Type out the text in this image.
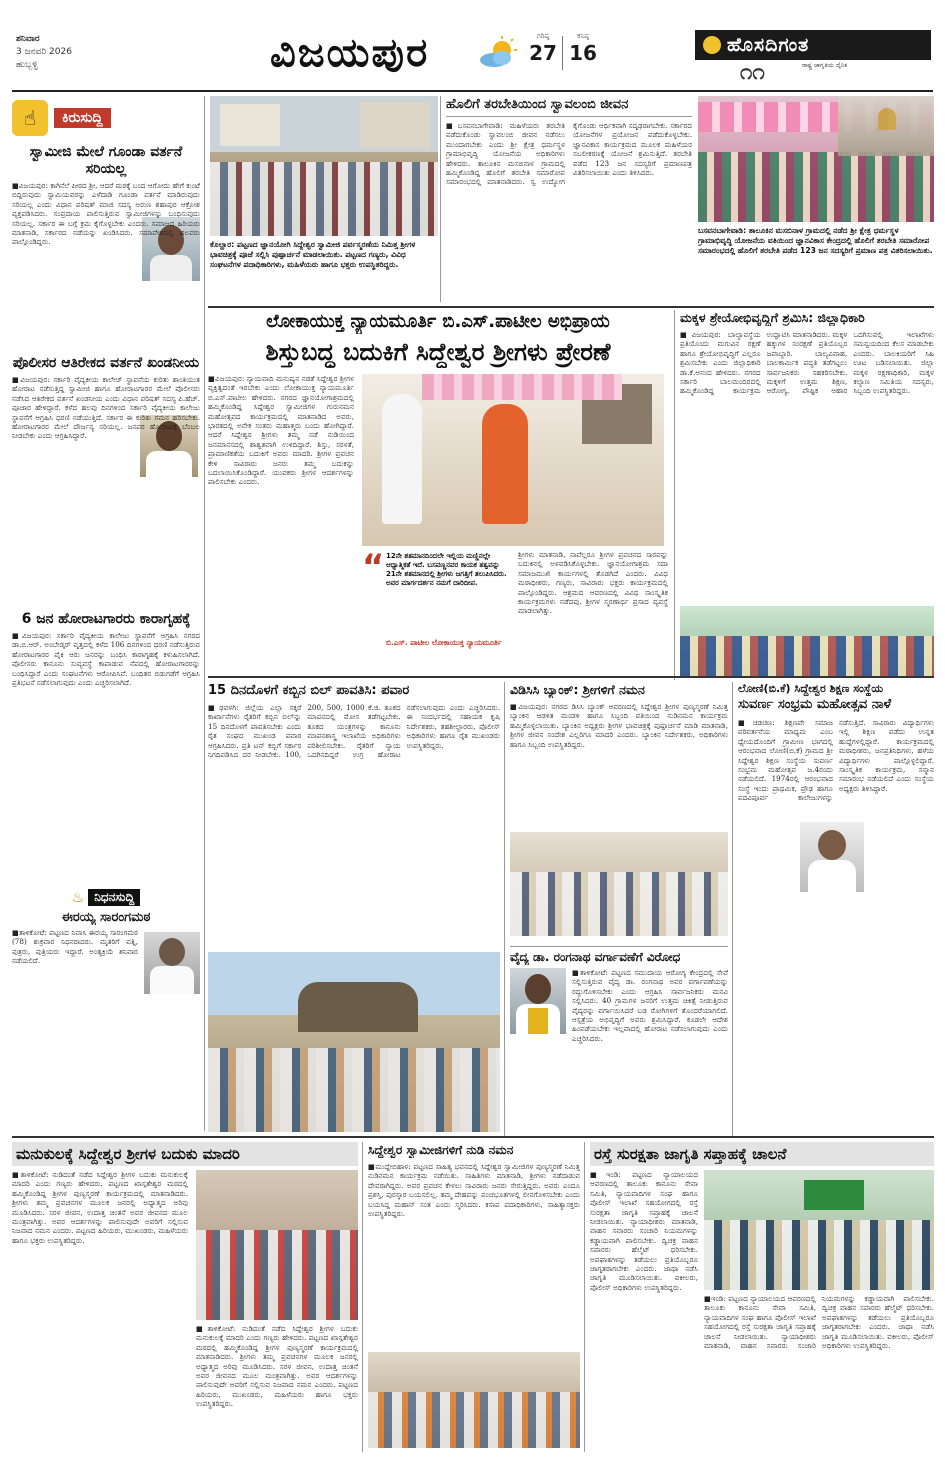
ಶನಿವಾರ
3 ಜನವರಿ 2026
ಹುಬ್ಬಳ್ಳಿ	ವಿಜಯಪುರ	ಗರಿಷ್ಠ
27
ಕನಿಷ್ಠ
16	ಹೊಸದಿಗಂತ
ರಾಷ್ಟ್ರ ಜಾಗೃತಿಯ ದೈನಿಕ
೧೧
☝	ಕಿರುಸುದ್ದಿ
ಸ್ವಾಮೀಜಿ ಮೇಲೆ ಗೂಂಡಾ ವರ್ತನೆ ಸರಿಯಲ್ಲ
■ವಿಜಯಪುರ: ಕಾಗಿನೆಲೆ ಪೀಠದ ಶ್ರೀ, ಆದರೆ ಮಠಕ್ಕೆ ಬಂದ ಆಗೋದು ಹೇಗೆ ಕುಂಟೆ ಬಿದ್ದಿರುವುದು ಸ್ವಾಮಿಯವರನ್ನು ಎಳೆದಾಡಿ ಗೂಂಡಾ ವರ್ತನೆ ಮಾಡಿರುವುದು ಸರಿಯಲ್ಲ ಎಂದು ವಿಧಾನ ಪರಿಷತ್ ಮಾಜಿ ಸದಸ್ಯ ಅರುಣ ಶಹಾಪುರ ಆಕ್ರೋಶ ವ್ಯಕ್ತಪಡಿಸಿದರು. ಸಂಪ್ರದಾಯ ಪಾಲಿಸುತ್ತಿರುವ ಸ್ವಾಮೀಜಿಗಳನ್ನು ಬಂಧಿಸುವುದು ಸರಿಯಲ್ಲ. ಸರ್ಕಾರ ಈ ಬಗ್ಗೆ ಕ್ರಮ ಕೈಗೊಳ್ಳಬೇಕು ಎಂದರು. ಸಮಾಜದ ಹಿರಿಯರು ಮಾತನಾಡಿ, ಸರ್ಕಾರದ ನಡೆಯನ್ನು ಖಂಡಿಸಿದರು. ಸಮಾವೇಶದಲ್ಲಿ ಹಲವರು ಪಾಲ್ಗೊಂಡಿದ್ದರು.
ಪೊಲೀಸರ ಆತಿರೇಕದ ವರ್ತನೆ ಖಂಡನೀಯ
■ವಿಜಯಪುರ: ಸರ್ಕಾರಿ ವೈದ್ಯಕೀಯ ಕಾಲೇಜ್ ಸ್ಥಾಪನೆಯ ಕುರಿತು ಶಾಂತಿಯುತ ಹೋರಾಟ ನಡೆಸುತ್ತಿದ್ದ ಸ್ವಾಮೀಜಿ ಹಾಗೂ ಹೋರಾಟಗಾರರ ಮೇಲೆ ಪೊಲೀಸರು ನಡೆಸಿದ ಆತಿರೇಕದ ವರ್ತನೆ ಖಂಡನೀಯ ಎಂದು ವಿಧಾನ ಪರಿಷತ್ ಸದಸ್ಯ ಪಿ.ಹೆಚ್. ಪೂಜಾರ ಹೇಳಿದ್ದಾರೆ. ಕಳೆದ ಹಲವು ದಿನಗಳಿಂದ ಸರ್ಕಾರಿ ವೈದ್ಯಕೀಯ ಕಾಲೇಜು ಸ್ಥಾಪನೆಗೆ ಆಗ್ರಹಿಸಿ ಧರಣಿ ನಡೆಯುತ್ತಿದೆ. ಸರ್ಕಾರ ಈ ಕುರಿತು ಗಮನ ಹರಿಸಬೇಕು. ಹೋರಾಟಗಾರರ ಮೇಲೆ ದೌರ್ಜನ್ಯ ಸರಿಯಲ್ಲ. ಜನಪರ ಹೋರಾಟಕ್ಕೆ ಬೆಂಬಲ ನೀಡಬೇಕು ಎಂದು ಆಗ್ರಹಿಸಿದ್ದಾರೆ.
6 ಜನ ಹೋರಾಟಗಾರರು ಕಾರಾಗೃಹಕ್ಕೆ
■ವಿಜಯಪುರ: ಸರ್ಕಾರಿ ವೈದ್ಯಕೀಯ ಕಾಲೇಜು ಸ್ಥಾಪನೆಗೆ ಆಗ್ರಹಿಸಿ ನಗರದ ಡಾ.ಬಿ.ಆರ್. ಅಂಬೇಡ್ಕರ್ ವೃತ್ತದಲ್ಲಿ ಕಳೆದ 106 ದಿನಗಳಿಂದ ಧರಣಿ ನಡೆಸುತ್ತಿರುವ ಹೋರಾಟಗಾರರ ಪೈಕಿ ಆರು ಜನರನ್ನು ಬಂಧಿಸಿ ಕಾರಾಗೃಹಕ್ಕೆ ಕಳುಹಿಸಲಾಗಿದೆ. ಪೊಲೀಸರು ಕಾನೂನು ಸುವ್ಯವಸ್ಥೆ ಕಾಪಾಡುವ ನೆಪದಲ್ಲಿ ಹೋರಾಟಗಾರರನ್ನು ಬಂಧಿಸಿದ್ದಾರೆ ಎಂದು ಸಂಘಟನೆಗಳು ಆರೋಪಿಸಿವೆ. ಬಂಧಿತರ ಬಿಡುಗಡೆಗೆ ಆಗ್ರಹಿಸಿ ಪ್ರತಿಭಟನೆ ನಡೆಸಲಾಗುವುದು ಎಂದು ಎಚ್ಚರಿಸಲಾಗಿದೆ.
♨ ನಿಧನಸುದ್ದಿ
ಈರಯ್ಯ ಸಾರಂಗಮಠ
■ತಾಳಿಕೋಟೆ: ಪಟ್ಟಣದ ನಿವಾಸಿ ಈರಯ್ಯ ಸಾರಂಗಮಠ (78) ಶುಕ್ರವಾರ ನಿಧನರಾದರು. ಮೃತರಿಗೆ ಪತ್ನಿ, ಪುತ್ರರು, ಪುತ್ರಿಯರು ಇದ್ದಾರೆ. ಅಂತ್ಯಕ್ರಿಯೆ ಶನಿವಾರ ನಡೆಯಲಿದೆ.
ಕೊಲ್ಹಾರ: ಪಟ್ಟಣದ ಜ್ಞಾನಯೋಗಿ ಸಿದ್ದೇಶ್ವರ ಸ್ವಾಮೀಜಿ ಪರ್ವಸ್ಮರಣೆಯ ನಿಮಿತ್ತ ಶ್ರೀಗಳ ಭಾವಚಿತ್ರಕ್ಕೆ ಪೂಜೆ ಸಲ್ಲಿಸಿ ಪುಷ್ಪಾರ್ಚನೆ ಮಾಡಲಾಯಿತು. ಪಟ್ಟಣದ ಗಣ್ಯರು, ವಿವಿಧ ಸಂಘಟನೆಗಳ ಪದಾಧಿಕಾರಿಗಳು, ಮಹಿಳೆಯರು ಹಾಗೂ ಭಕ್ತರು ಉಪಸ್ಥಿತರಿದ್ದರು.
ಹೊಲಿಗೆ ತರಬೇತಿಯಿಂದ ಸ್ವಾವಲಂಬಿ ಜೀವನ
■ಬಸವನಬಾಗೇವಾಡಿ: ಮಹಿಳೆಯರು ತರಬೇತಿ ಪಡೆದುಕೊಂಡು ಸ್ವಾವಲಂಬಿ ಜೀವನ ನಡೆಸಲು ಮುಂದಾಗಬೇಕು ಎಂದು ಶ್ರೀ ಕ್ಷೇತ್ರ ಧರ್ಮಸ್ಥಳ ಗ್ರಾಮಾಭಿವೃದ್ಧಿ ಯೋಜನೆಯ ಅಧಿಕಾರಿಗಳು ಹೇಳಿದರು. ತಾಲೂಕಿನ ಮಸಬಿನಾಳ ಗ್ರಾಮದಲ್ಲಿ ಹಮ್ಮಿಕೊಂಡಿದ್ದ ಹೊಲಿಗೆ ತರಬೇತಿ ಸಮಾರೋಪ ಸಮಾರಂಭದಲ್ಲಿ ಮಾತನಾಡಿದರು. ಸ್ವ ಉದ್ಯೋಗ ಕೈಗೊಂಡು ಆರ್ಥಿಕವಾಗಿ ಸದೃಢರಾಗಬೇಕು. ಸರ್ಕಾರದ ಯೋಜನೆಗಳ ಪ್ರಯೋಜನ ಪಡೆದುಕೊಳ್ಳಬೇಕು. ಜ್ಞಾನವಿಕಾಸ ಕಾರ್ಯಕ್ರಮದ ಮೂಲಕ ಮಹಿಳೆಯರ ಸಬಲೀಕರಣಕ್ಕೆ ಯೋಜನೆ ಶ್ರಮಿಸುತ್ತಿದೆ. ತರಬೇತಿ ಪಡೆದ 123 ಜನ ಸದಸ್ಯರಿಗೆ ಪ್ರಮಾಣಪತ್ರ ವಿತರಿಸಲಾಯಿತು ಎಂದು ತಿಳಿಸಿದರು.
ಬಸವನಬಾಗೇವಾಡಿ: ತಾಲೂಕಿನ ಮಸಬಿನಾಳ ಗ್ರಾಮದಲ್ಲಿ ನಡೆದ ಶ್ರೀ ಕ್ಷೇತ್ರ ಧರ್ಮಸ್ಥಳ ಗ್ರಾಮಾಭಿವೃದ್ಧಿ ಯೋಜನೆಯ ವತಿಯಿಂದ ಜ್ಞಾನವಿಕಾಸ ಕೇಂದ್ರದಲ್ಲಿ ಹೊಲಿಗೆ ತರಬೇತಿ ಸಮಾರೋಪ ಸಮಾರಂಭದಲ್ಲಿ ಹೊಲಿಗೆ ತರಬೇತಿ ಪಡೆದ 123 ಜನ ಸದಸ್ಯರಿಗೆ ಪ್ರಮಾಣ ಪತ್ರ ವಿತರಿಸಲಾಯಿತು.
ಲೋಕಾಯುಕ್ತ ನ್ಯಾಯಮೂರ್ತಿ ಬಿ.ಎಸ್.ಪಾಟೀಲ ಅಭಿಪ್ರಾಯ
ಶಿಸ್ತುಬದ್ಧ ಬದುಕಿಗೆ ಸಿದ್ದೇಶ್ವರ ಶ್ರೀಗಳು ಪ್ರೇರಣೆ
■ವಿಜಯಪುರ: ನ್ಯಾಯವಾದಿ ಮನುಷ್ಯನ ನಡತೆ ಸಿದ್ದೇಶ್ವರ ಶ್ರೀಗಳ ವ್ಯಕ್ತಿತ್ವದಂತೆ ಇರಬೇಕು ಎಂದು ಲೋಕಾಯುಕ್ತ ನ್ಯಾಯಮೂರ್ತಿ ಬಿ.ಎಸ್.ಪಾಟೀಲ ಹೇಳಿದರು. ನಗರದ ಜ್ಞಾನಯೋಗಾಶ್ರಮದಲ್ಲಿ ಹಮ್ಮಿಕೊಂಡಿದ್ದ ಸಿದ್ದೇಶ್ವರ ಸ್ವಾಮೀಜಿಗಳ ಗುರುನಮನ ಮಹೋತ್ಸವದ ಕಾರ್ಯಕ್ರಮದಲ್ಲಿ ಮಾತನಾಡಿದ ಅವರು, ಭಾರತದಲ್ಲಿ ಅನೇಕ ಸಂತರು ಮಹಾತ್ಮರು ಬಂದು ಹೋಗಿದ್ದಾರೆ. ಆದರೆ ಸಿದ್ದೇಶ್ವರ ಶ್ರೀಗಳು ತಮ್ಮ ನಡೆ ನುಡಿಯಿಂದ ಜನಮಾನಸದಲ್ಲಿ ಶಾಶ್ವತವಾಗಿ ಉಳಿದಿದ್ದಾರೆ. ಶಿಸ್ತು, ಸರಳತೆ, ಪ್ರಾಮಾಣಿಕತೆಯ ಬದುಕಿಗೆ ಅವರು ಮಾದರಿ. ಶ್ರೀಗಳ ಪ್ರವಚನ ಕೇಳಿ ಸಾವಿರಾರು ಜನರು ತಮ್ಮ ಬದುಕನ್ನು ಬದಲಾಯಿಸಿಕೊಂಡಿದ್ದಾರೆ. ಯುವಕರು ಶ್ರೀಗಳ ಆದರ್ಶಗಳನ್ನು ಪಾಲಿಸಬೇಕು ಎಂದರು.
“ 12ನೇ ಶತಮಾನದಿಂದಲೇ ಇಲ್ಲಿಯ ಮಣ್ಣಿನಲ್ಲೇ ಆಧ್ಯಾತ್ಮಿಕತೆ ಇದೆ. ಬಸವಣ್ಣನವರ ಕಾಯಕ ತತ್ವವನ್ನು 21ನೇ ಶತಮಾನದಲ್ಲಿ ಶ್ರೀಗಳು ಜಗತ್ತಿಗೆ ತಲುಪಿಸಿದರು. ಅವರ ಮಾರ್ಗದರ್ಶನ ನಮಗೆ ದಾರಿದೀಪ.
ಬಿ.ಎಸ್. ಪಾಟೀಲ ಲೋಕಾಯುಕ್ತ ನ್ಯಾಯಮೂರ್ತಿ
ಶ್ರೀಗಳು ಮಾತನಾಡಿ, ನಾವೆಲ್ಲರೂ ಶ್ರೀಗಳ ಪ್ರವಚನದ ಸಾರವನ್ನು ಬದುಕಿನಲ್ಲಿ ಅಳವಡಿಸಿಕೊಳ್ಳಬೇಕು. ಜ್ಞಾನಯೋಗಾಶ್ರಮ ಸದಾ ಸಮಾಜಮುಖಿ ಕಾರ್ಯಗಳಲ್ಲಿ ತೊಡಗಿದೆ ಎಂದರು. ವಿವಿಧ ಮಠಾಧೀಶರು, ಗಣ್ಯರು, ಸಾವಿರಾರು ಭಕ್ತರು ಕಾರ್ಯಕ್ರಮದಲ್ಲಿ ಪಾಲ್ಗೊಂಡಿದ್ದರು. ಆಶ್ರಮದ ಆವರಣದಲ್ಲಿ ವಿವಿಧ ಸಾಂಸ್ಕೃತಿಕ ಕಾರ್ಯಕ್ರಮಗಳು ನಡೆದವು. ಶ್ರೀಗಳ ಸ್ಮರಣಾರ್ಥ ಪ್ರಸಾದ ವ್ಯವಸ್ಥೆ ಮಾಡಲಾಗಿತ್ತು.
ಮಕ್ಕಳ ಶ್ರೇಯೋಭಿವೃದ್ಧಿಗೆ ಶ್ರಮಿಸಿ: ಜಿಲ್ಲಾಧಿಕಾರಿ
■ವಿಜಯಪುರ: ಬಾಲ್ಯಾವಸ್ಥೆಯ ಪ್ರತಿಯೊಂದು ಮಗುವಿನ ರಕ್ಷಣೆ ಹಾಗೂ ಶ್ರೇಯೋಭಿವೃದ್ಧಿಗೆ ಎಲ್ಲರೂ ಶ್ರಮಿಸಬೇಕು ಎಂದು ಜಿಲ್ಲಾಧಿಕಾರಿ ಡಾ.ಕೆ.ಆನಂದ ಹೇಳಿದರು. ನಗರದ ಸರ್ಕಾರಿ ಬಾಲಮಂದಿರದಲ್ಲಿ ಹಮ್ಮಿಕೊಂಡಿದ್ದ ಕಾರ್ಯಕ್ರಮ ಉದ್ಘಾಟಿಸಿ ಮಾತನಾಡಿದರು. ಮಕ್ಕಳ ಹಕ್ಕುಗಳ ಸಂರಕ್ಷಣೆ ಪ್ರತಿಯೊಬ್ಬರ ಜವಾಬ್ದಾರಿ. ಬಾಲ್ಯವಿವಾಹ, ಬಾಲಕಾರ್ಮಿಕ ಪದ್ಧತಿ ತಡೆಗಟ್ಟಲು ಸಾರ್ವಜನಿಕರು ಸಹಕರಿಸಬೇಕು. ಮಕ್ಕಳಿಗೆ ಉತ್ತಮ ಶಿಕ್ಷಣ, ಆರೋಗ್ಯ, ಪೌಷ್ಟಿಕ ಆಹಾರ ಒದಗಿಸುವಲ್ಲಿ ಇಲಾಖೆಗಳು ಸಮನ್ವಯದಿಂದ ಕೆಲಸ ಮಾಡಬೇಕು ಎಂದರು. ಬಾಲಕಿಯರಿಗೆ ಸಿಹಿ ಊಟ ಬಡಿಸಲಾಯಿತು. ಜಿಲ್ಲಾ ಮಕ್ಕಳ ರಕ್ಷಣಾಧಿಕಾರಿ, ಮಕ್ಕಳ ಕಲ್ಯಾಣ ಸಮಿತಿಯ ಸದಸ್ಯರು, ಸಿಬ್ಬಂದಿ ಉಪಸ್ಥಿತರಿದ್ದರು.
15 ದಿನದೊಳಗೆ ಕಬ್ಬಿನ ಬಿಲ್ ಪಾವತಿಸಿ: ಪವಾರ
■ಢವಳಗಿ: ಜಿಲ್ಲೆಯ ಎಲ್ಲಾ ಸಕ್ಕರೆ ಕಾರ್ಖಾನೆಗಳು ರೈತರಿಗೆ ಕಬ್ಬಿನ ಬಿಲ್‌ನ್ನು 15 ದಿನದೊಳಗೆ ಪಾವತಿಸಬೇಕು ಎಂದು ರೈತ ಸಂಘದ ಮುಖಂಡ ಪವಾರ ಆಗ್ರಹಿಸಿದರು. ಪ್ರತಿ ಟನ್ ಕಬ್ಬಿಗೆ ಸರ್ಕಾರ ನಿಗದಿಪಡಿಸಿದ ದರ ನೀಡಬೇಕು. 100, 200, 500, 1000 ಕೆ.ಜಿ. ತೂಕದ ಮಾಪನದಲ್ಲಿ ಮೋಸ ತಡೆಗಟ್ಟಬೇಕು. ತೂಕದ ಯಂತ್ರಗಳನ್ನು ಕಾನೂನು ಮಾಪನಶಾಸ್ತ್ರ ಇಲಾಖೆಯ ಅಧಿಕಾರಿಗಳು ಪರಿಶೀಲಿಸಬೇಕು. ರೈತರಿಗೆ ನ್ಯಾಯ ಒದಗಿಸದಿದ್ದರೆ ಉಗ್ರ ಹೋರಾಟ ನಡೆಸಲಾಗುವುದು ಎಂದು ಎಚ್ಚರಿಸಿದರು. ಈ ಸಂದರ್ಭದಲ್ಲಿ ಸಹಾಯಕ ಕೃಷಿ ನಿರ್ದೇಶಕರು, ತಹಶೀಲ್ದಾರರು, ಪೊಲೀಸ್ ಅಧಿಕಾರಿಗಳು ಹಾಗೂ ರೈತ ಮುಖಂಡರು ಉಪಸ್ಥಿತರಿದ್ದರು.
ವಿಡಿಸಿಸಿ ಬ್ಯಾಂಕ್: ಶ್ರೀಗಳಿಗೆ ನಮನ
■ವಿಜಯಪುರ: ನಗರದ ಡಿಸಿಸಿ ಬ್ಯಾಂಕ್ ಆವರಣದಲ್ಲಿ ಸಿದ್ದೇಶ್ವರ ಶ್ರೀಗಳ ಪುಣ್ಯಸ್ಮರಣೆ ನಿಮಿತ್ತ ಬ್ಯಾಂಕಿನ ಆಡಳಿತ ಮಂಡಳಿ ಹಾಗೂ ಸಿಬ್ಬಂದಿ ವತಿಯಿಂದ ನುಡಿನಮನ ಕಾರ್ಯಕ್ರಮ ಹಮ್ಮಿಕೊಳ್ಳಲಾಯಿತು. ಬ್ಯಾಂಕಿನ ಅಧ್ಯಕ್ಷರು ಶ್ರೀಗಳ ಭಾವಚಿತ್ರಕ್ಕೆ ಪುಷ್ಪಾರ್ಚನೆ ಮಾಡಿ ಮಾತನಾಡಿ, ಶ್ರೀಗಳ ಜೀವನ ಸಂದೇಶ ಎಲ್ಲರಿಗೂ ಮಾದರಿ ಎಂದರು. ಬ್ಯಾಂಕಿನ ನಿರ್ದೇಶಕರು, ಅಧಿಕಾರಿಗಳು ಹಾಗೂ ಸಿಬ್ಬಂದಿ ಉಪಸ್ಥಿತರಿದ್ದರು.
ವೈದ್ಯ ಡಾ. ರಂಗನಾಥ ವರ್ಗಾವಣೆಗೆ ವಿರೋಧ
■ತಾಳಿಕೋಟೆ: ಪಟ್ಟಣದ ಸಮುದಾಯ ಆರೋಗ್ಯ ಕೇಂದ್ರದಲ್ಲಿ ಸೇವೆ ಸಲ್ಲಿಸುತ್ತಿರುವ ವೈದ್ಯ ಡಾ. ರಂಗನಾಥ ಅವರ ವರ್ಗಾವಣೆಯನ್ನು ರದ್ದುಗೊಳಿಸಬೇಕು ಎಂದು ಆಗ್ರಹಿಸಿ ಸಾರ್ವಜನಿಕರು ಮನವಿ ಸಲ್ಲಿಸಿದರು. 40 ಗ್ರಾಮಗಳ ಜನರಿಗೆ ಉತ್ತಮ ಚಿಕಿತ್ಸೆ ನೀಡುತ್ತಿರುವ ವೈದ್ಯರನ್ನು ವರ್ಗಾಯಿಸಿದರೆ ಬಡ ರೋಗಿಗಳಿಗೆ ತೊಂದರೆಯಾಗಲಿದೆ. ಆಸ್ಪತ್ರೆಯ ಅಭಿವೃದ್ಧಿಗೆ ಅವರು ಶ್ರಮಿಸಿದ್ದಾರೆ. ಕೂಡಲೇ ಆದೇಶ ಹಿಂಪಡೆಯಬೇಕು ಇಲ್ಲವಾದಲ್ಲಿ ಹೋರಾಟ ನಡೆಸಲಾಗುವುದು ಎಂದು ಎಚ್ಚರಿಸಿದರು.
ಲೋಣಿ(ಬಿ.ಕೆ) ಸಿದ್ದೇಶ್ವರ ಶಿಕ್ಷಣ ಸಂಸ್ಥೆಯ
ಸುವರ್ಣ ಸಂಭ್ರಮ ಮಹೋತ್ಸವ ನಾಳೆ
■ಚಡಚಣ: ಶಿಕ್ಷಣವೇ ಸಮಾಜ ಪರಿವರ್ತನೆಯ ಮಾಧ್ಯಮ ಎಂಬ ಧ್ಯೇಯದೊಂದಿಗೆ ಗ್ರಾಮೀಣ ಭಾಗದಲ್ಲಿ ಆರಂಭವಾದ ಲೋಣಿ(ಬಿ.ಕೆ) ಗ್ರಾಮದ ಶ್ರೀ ಸಿದ್ದೇಶ್ವರ ಶಿಕ್ಷಣ ಸಂಸ್ಥೆಯ ಸುವರ್ಣ ಸಂಭ್ರಮ ಮಹೋತ್ಸವ ಜ.4ರಂದು ನಡೆಯಲಿದೆ. 1974ರಲ್ಲಿ ಆರಂಭವಾದ ಸಂಸ್ಥೆ ಇಂದು ಪ್ರಾಥಮಿಕ, ಪ್ರೌಢ ಹಾಗೂ ಪದವಿಪೂರ್ವ ಕಾಲೇಜುಗಳನ್ನು ನಡೆಸುತ್ತಿದೆ. ಸಾವಿರಾರು ವಿದ್ಯಾರ್ಥಿಗಳು ಇಲ್ಲಿ ಶಿಕ್ಷಣ ಪಡೆದು ಉನ್ನತ ಹುದ್ದೆಗಳಲ್ಲಿದ್ದಾರೆ. ಕಾರ್ಯಕ್ರಮದಲ್ಲಿ ಮಠಾಧೀಶರು, ಜನಪ್ರತಿನಿಧಿಗಳು, ಹಳೆಯ ವಿದ್ಯಾರ್ಥಿಗಳು ಪಾಲ್ಗೊಳ್ಳಲಿದ್ದಾರೆ. ಸಾಂಸ್ಕೃತಿಕ ಕಾರ್ಯಕ್ರಮ, ಸನ್ಮಾನ ಸಮಾರಂಭ ನಡೆಯಲಿದೆ ಎಂದು ಸಂಸ್ಥೆಯ ಅಧ್ಯಕ್ಷರು ತಿಳಿಸಿದ್ದಾರೆ.
ಮನುಕುಲಕ್ಕೆ ಸಿದ್ದೇಶ್ವರ ಶ್ರೀಗಳ ಬದುಕು ಮಾದರಿ
■ತಾಳಿಕೋಟೆ: ನುಡಿದಂತೆ ನಡೆದ ಸಿದ್ದೇಶ್ವರ ಶ್ರೀಗಳ ಬದುಕು ಮನುಕುಲಕ್ಕೆ ಮಾದರಿ ಎಂದು ಗಣ್ಯರು ಹೇಳಿದರು. ಪಟ್ಟಣದ ಖಾಸ್ಗತೇಶ್ವರ ಮಠದಲ್ಲಿ ಹಮ್ಮಿಕೊಂಡಿದ್ದ ಶ್ರೀಗಳ ಪುಣ್ಯಸ್ಮರಣೆ ಕಾರ್ಯಕ್ರಮದಲ್ಲಿ ಮಾತನಾಡಿದರು. ಶ್ರೀಗಳು ತಮ್ಮ ಪ್ರವಚನಗಳ ಮೂಲಕ ಜನರಲ್ಲಿ ಅಧ್ಯಾತ್ಮದ ಅರಿವು ಮೂಡಿಸಿದರು. ಸರಳ ಜೀವನ, ಉದಾತ್ತ ಚಿಂತನೆ ಅವರ ಜೀವನದ ಮೂಲ ಮಂತ್ರವಾಗಿತ್ತು. ಅವರ ಆದರ್ಶಗಳನ್ನು ಪಾಲಿಸುವುದೇ ಅವರಿಗೆ ಸಲ್ಲಿಸುವ ನಿಜವಾದ ನಮನ ಎಂದರು. ಪಟ್ಟಣದ ಹಿರಿಯರು, ಮುಖಂಡರು, ಮಹಿಳೆಯರು ಹಾಗೂ ಭಕ್ತರು ಉಪಸ್ಥಿತರಿದ್ದರು.
■ತಾಳಿಕೋಟೆ: ನುಡಿದಂತೆ ನಡೆದ ಸಿದ್ದೇಶ್ವರ ಶ್ರೀಗಳ ಬದುಕು ಮನುಕುಲಕ್ಕೆ ಮಾದರಿ ಎಂದು ಗಣ್ಯರು ಹೇಳಿದರು. ಪಟ್ಟಣದ ಖಾಸ್ಗತೇಶ್ವರ ಮಠದಲ್ಲಿ ಹಮ್ಮಿಕೊಂಡಿದ್ದ ಶ್ರೀಗಳ ಪುಣ್ಯಸ್ಮರಣೆ ಕಾರ್ಯಕ್ರಮದಲ್ಲಿ ಮಾತನಾಡಿದರು. ಶ್ರೀಗಳು ತಮ್ಮ ಪ್ರವಚನಗಳ ಮೂಲಕ ಜನರಲ್ಲಿ ಅಧ್ಯಾತ್ಮದ ಅರಿವು ಮೂಡಿಸಿದರು. ಸರಳ ಜೀವನ, ಉದಾತ್ತ ಚಿಂತನೆ ಅವರ ಜೀವನದ ಮೂಲ ಮಂತ್ರವಾಗಿತ್ತು. ಅವರ ಆದರ್ಶಗಳನ್ನು ಪಾಲಿಸುವುದೇ ಅವರಿಗೆ ಸಲ್ಲಿಸುವ ನಿಜವಾದ ನಮನ ಎಂದರು. ಪಟ್ಟಣದ ಹಿರಿಯರು, ಮುಖಂಡರು, ಮಹಿಳೆಯರು ಹಾಗೂ ಭಕ್ತರು ಉಪಸ್ಥಿತರಿದ್ದರು.
ಸಿದ್ದೇಶ್ವರ ಸ್ವಾಮೀಜಿಗಳಿಗೆ ನುಡಿ ನಮನ
■ಮುದ್ದೇಬಿಹಾಳ: ಪಟ್ಟಣದ ಸಾಹಿತ್ಯ ಭವನದಲ್ಲಿ ಸಿದ್ದೇಶ್ವರ ಸ್ವಾಮೀಜಿಗಳ ಪುಣ್ಯಸ್ಮರಣೆ ನಿಮಿತ್ತ ನುಡಿನಮನ ಕಾರ್ಯಕ್ರಮ ನಡೆಯಿತು. ಸಾಹಿತಿಗಳು ಮಾತನಾಡಿ, ಶ್ರೀಗಳು ನಡೆದಾಡುವ ದೇವರಾಗಿದ್ದರು. ಅವರ ಪ್ರವಚನ ಕೇಳಲು ಸಾವಿರಾರು ಜನರು ಸೇರುತ್ತಿದ್ದರು. ಅವರು ಎಂದೂ ಪ್ರಶಸ್ತಿ, ಪುರಸ್ಕಾರ ಬಯಸಲಿಲ್ಲ. ತಮ್ಮ ದೇಹವನ್ನು ಪಂಚಭೂತಗಳಲ್ಲಿ ಲೀನಗೊಳಿಸಬೇಕು ಎಂದು ಬಯಸಿದ್ದ ಮಹಾನ್ ಸಂತ ಎಂದು ಸ್ಮರಿಸಿದರು. ಕಸಾಪ ಪದಾಧಿಕಾರಿಗಳು, ಸಾಹಿತ್ಯಾಸಕ್ತರು ಉಪಸ್ಥಿತರಿದ್ದರು.
ರಸ್ತೆ ಸುರಕ್ಷತಾ ಜಾಗೃತಿ ಸಪ್ತಾಹಕ್ಕೆ ಚಾಲನೆ
■ಇಂಡಿ: ಪಟ್ಟಣದ ನ್ಯಾಯಾಲಯದ ಆವರಣದಲ್ಲಿ ತಾಲೂಕು ಕಾನೂನು ಸೇವಾ ಸಮಿತಿ, ನ್ಯಾಯವಾದಿಗಳ ಸಂಘ ಹಾಗೂ ಪೊಲೀಸ್ ಇಲಾಖೆ ಸಹಯೋಗದಲ್ಲಿ ರಸ್ತೆ ಸುರಕ್ಷತಾ ಜಾಗೃತಿ ಸಪ್ತಾಹಕ್ಕೆ ಚಾಲನೆ ನೀಡಲಾಯಿತು. ನ್ಯಾಯಾಧೀಶರು ಮಾತನಾಡಿ, ವಾಹನ ಸವಾರರು ಸಂಚಾರಿ ನಿಯಮಗಳನ್ನು ಕಡ್ಡಾಯವಾಗಿ ಪಾಲಿಸಬೇಕು. ದ್ವಿಚಕ್ರ ವಾಹನ ಸವಾರರು ಹೆಲ್ಮೆಟ್ ಧರಿಸಬೇಕು. ಅಪಘಾತಗಳನ್ನು ತಡೆಯಲು ಪ್ರತಿಯೊಬ್ಬರೂ ಜಾಗೃತರಾಗಬೇಕು ಎಂದರು. ಜಾಥಾ ನಡೆಸಿ ಜಾಗೃತಿ ಮೂಡಿಸಲಾಯಿತು. ವಕೀಲರು, ಪೊಲೀಸ್ ಅಧಿಕಾರಿಗಳು ಉಪಸ್ಥಿತರಿದ್ದರು.
■ಇಂಡಿ: ಪಟ್ಟಣದ ನ್ಯಾಯಾಲಯದ ಆವರಣದಲ್ಲಿ ತಾಲೂಕು ಕಾನೂನು ಸೇವಾ ಸಮಿತಿ, ನ್ಯಾಯವಾದಿಗಳ ಸಂಘ ಹಾಗೂ ಪೊಲೀಸ್ ಇಲಾಖೆ ಸಹಯೋಗದಲ್ಲಿ ರಸ್ತೆ ಸುರಕ್ಷತಾ ಜಾಗೃತಿ ಸಪ್ತಾಹಕ್ಕೆ ಚಾಲನೆ ನೀಡಲಾಯಿತು. ನ್ಯಾಯಾಧೀಶರು ಮಾತನಾಡಿ, ವಾಹನ ಸವಾರರು ಸಂಚಾರಿ ನಿಯಮಗಳನ್ನು ಕಡ್ಡಾಯವಾಗಿ ಪಾಲಿಸಬೇಕು. ದ್ವಿಚಕ್ರ ವಾಹನ ಸವಾರರು ಹೆಲ್ಮೆಟ್ ಧರಿಸಬೇಕು. ಅಪಘಾತಗಳನ್ನು ತಡೆಯಲು ಪ್ರತಿಯೊಬ್ಬರೂ ಜಾಗೃತರಾಗಬೇಕು ಎಂದರು. ಜಾಥಾ ನಡೆಸಿ ಜಾಗೃತಿ ಮೂಡಿಸಲಾಯಿತು. ವಕೀಲರು, ಪೊಲೀಸ್ ಅಧಿಕಾರಿಗಳು ಉಪಸ್ಥಿತರಿದ್ದರು.
